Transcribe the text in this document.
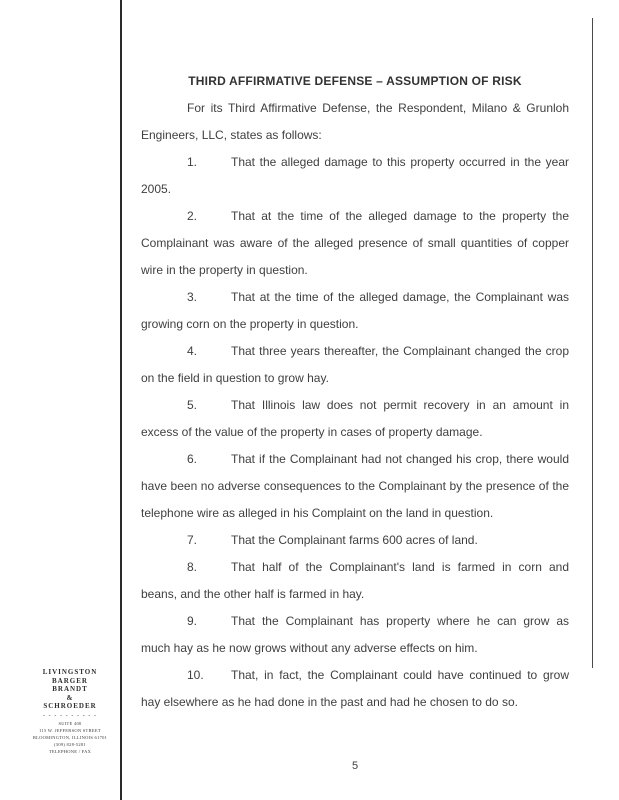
THIRD AFFIRMATIVE DEFENSE – ASSUMPTION OF RISK

For its Third Affirmative Defense, the Respondent, Milano & Grunloh Engineers, LLC, states as follows:

1.	That the alleged damage to this property occurred in the year 2005.

2.	That at the time of the alleged damage to the property the Complainant was aware of the alleged presence of small quantities of copper wire in the property in question.

3.	That at the time of the alleged damage, the Complainant was growing corn on the property in question.

4.	That three years thereafter, the Complainant changed the crop on the field in question to grow hay.

5.	That Illinois law does not permit recovery in an amount in excess of the value of the property in cases of property damage.

6.	That if the Complainant had not changed his crop, there would have been no adverse consequences to the Complainant by the presence of the telephone wire as alleged in his Complaint on the land in question.

7.	That the Complainant farms 600 acres of land.

8.	That half of the Complainant's land is farmed in corn and beans, and the other half is farmed in hay.

9.	That the Complainant has property where he can grow as much hay as he now grows without any adverse effects on him.

10. That, in fact, the Complainant could have continued to grow hay elsewhere as he had done in the past and had he chosen to do so.

LIVINGSTON
BARGER
BRANDT
&
SCHROEDER
- - - - - - - - - -
SUITE 400
115 W. JEFFERSON STREET
BLOOMINGTON, ILLINOIS 61701
(309) 828-5281
TELEPHONE / FAX
5
